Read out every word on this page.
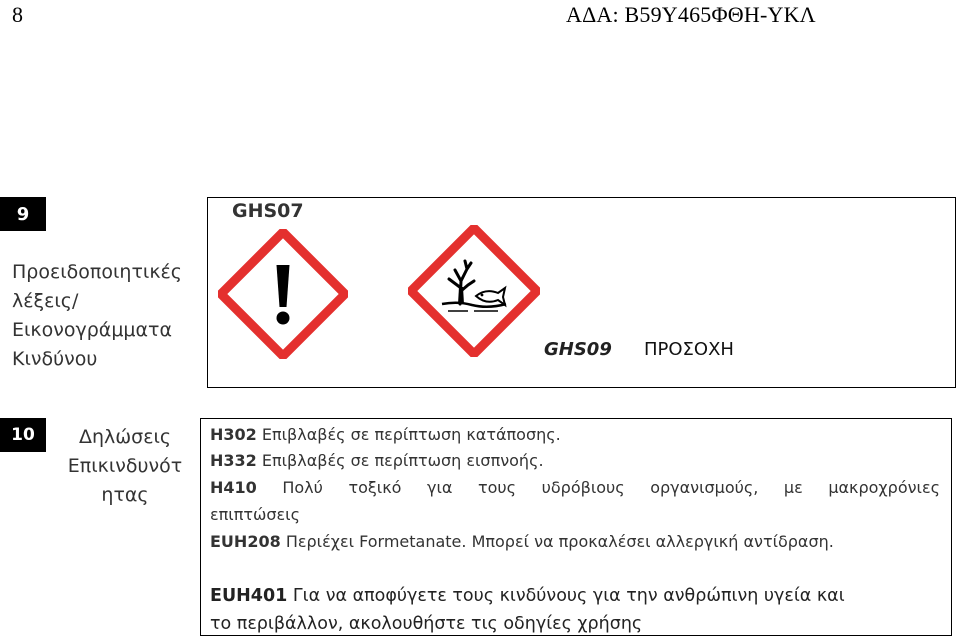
8	ΑΔΑ: Β59Υ465ΦΘΗ-ΥΚΛ
9
Προειδοποιητικές
λέξεις/
Εικονογράμματα
Κινδύνου
GHS07
GHS09 ΠΡΟΣΟΧΗ
10	Δηλώσεις
Επικινδυνότ
ητας
H302 Επιβλαβές σε περίπτωση κατάποσης.
H332 Επιβλαβές σε περίπτωση εισπνοής.
H410 Πολύ τοξικό για τους υδρόβιους οργανισμούς, με μακροχρόνιες
επιπτώσεις
EUH208 Περιέχει Formetanate. Μπορεί να προκαλέσει αλλεργική αντίδραση.
EUH401 Για να αποφύγετε τους κινδύνους για την ανθρώπινη υγεία και
το περιβάλλον, ακολουθήστε τις οδηγίες χρήσης
